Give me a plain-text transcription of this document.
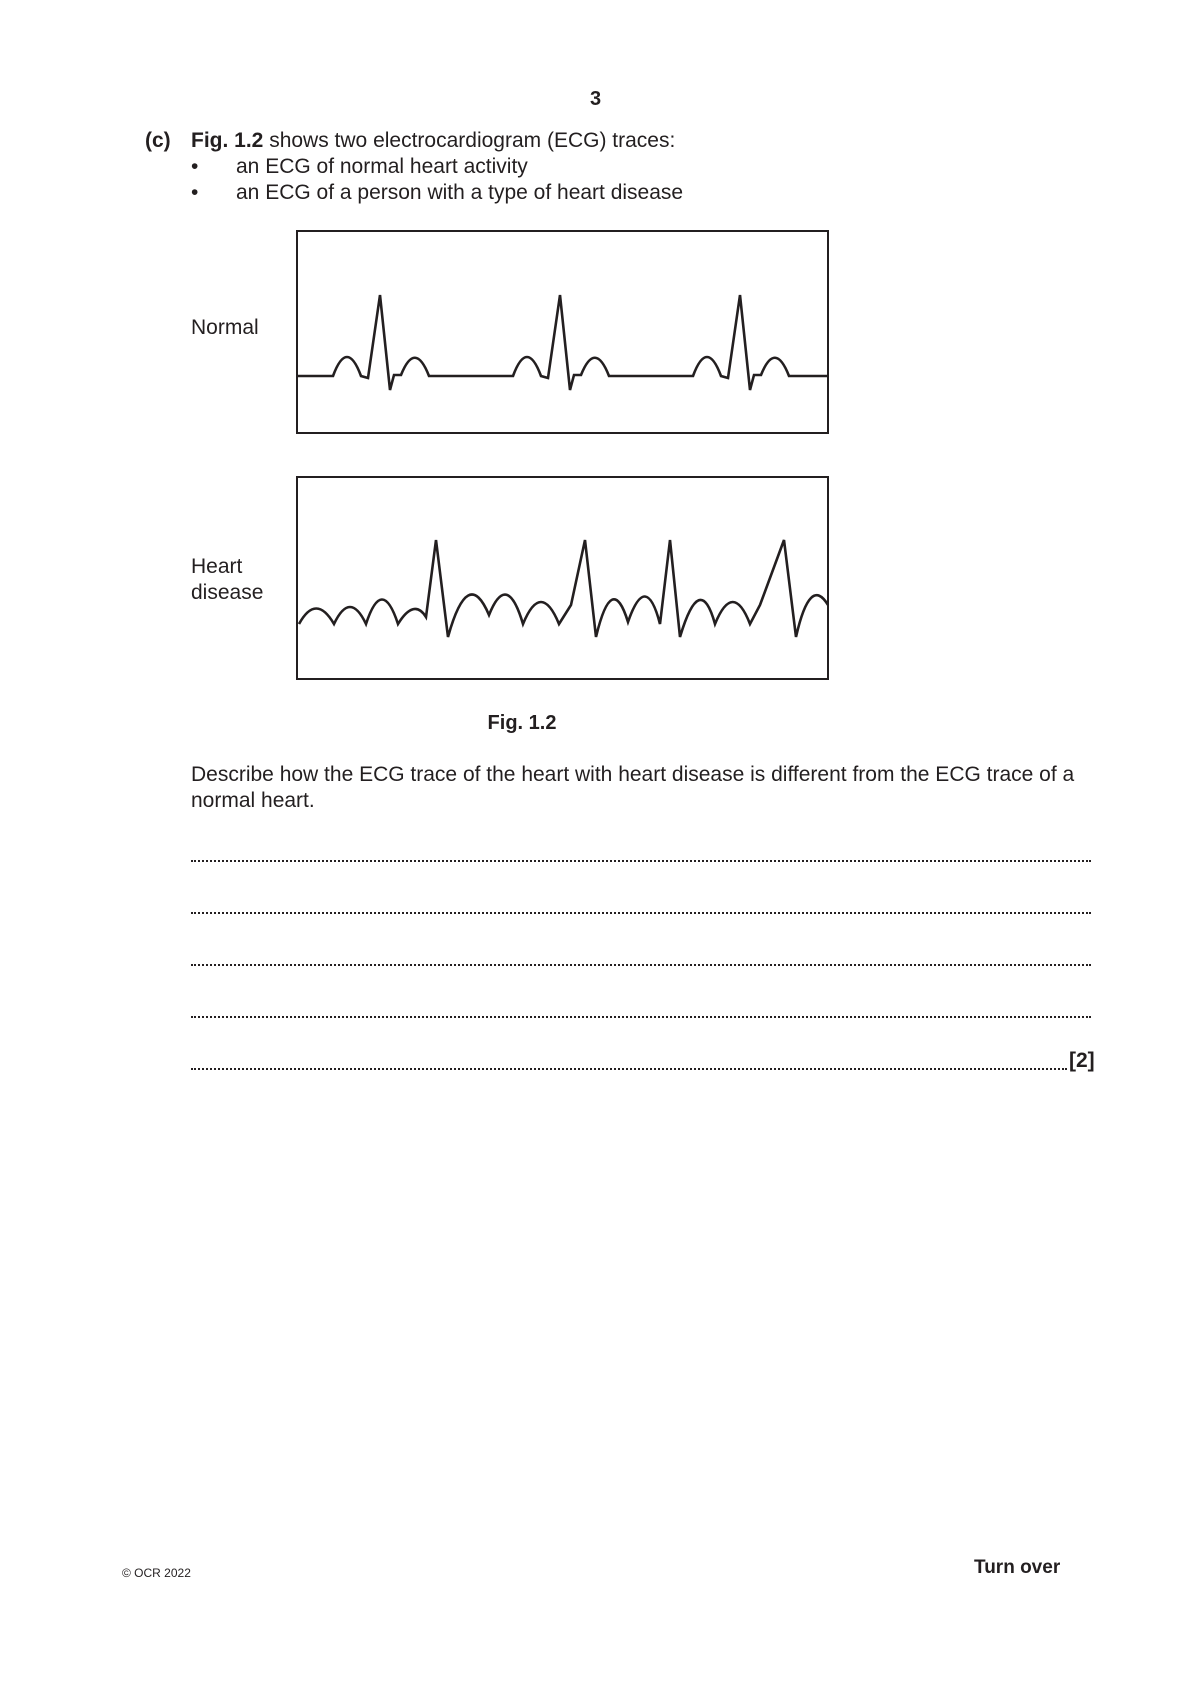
3
(c) Fig. 1.2 shows two electrocardiogram (ECG) traces:
• an ECG of normal heart activity
• an ECG of a person with a type of heart disease
Normal
Heart
disease
Fig. 1.2
Describe how the ECG trace of the heart with heart disease is different from the ECG trace of a normal heart.
[2]
© OCR 2022	Turn over
